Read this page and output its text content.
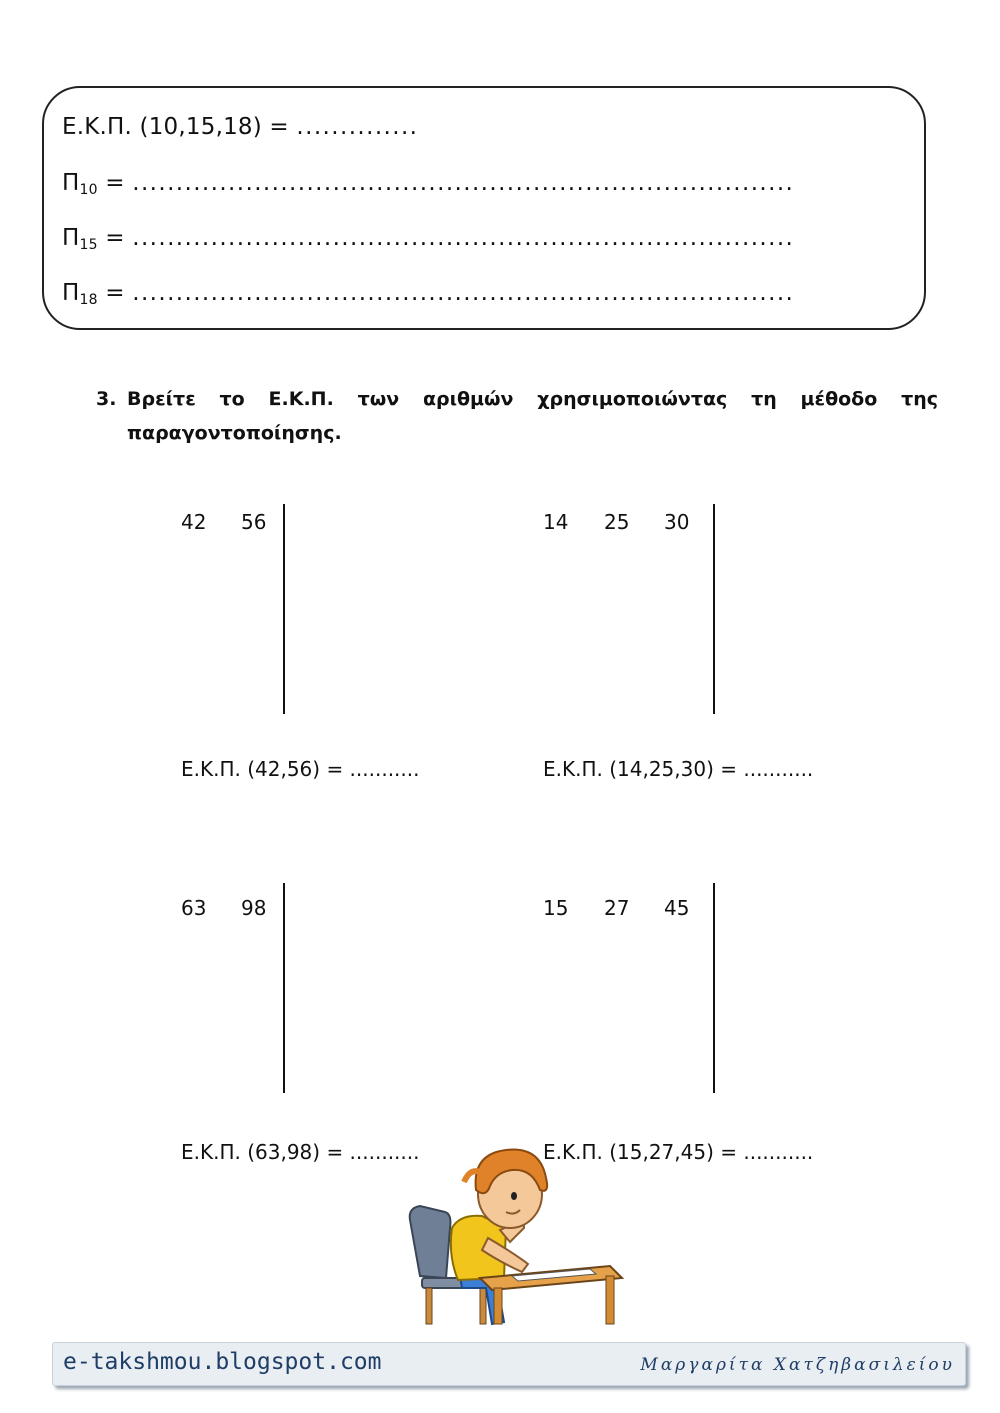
Ε.Κ.Π. (10,15,18) = ..............
$\Pi_{10}$ = ............................................................................
$\Pi_{15}$ = ............................................................................
$\Pi_{18}$ = ............................................................................
3. Βρείτε το Ε.Κ.Π. των αριθμών χρησιμοποιώντας τη μέθοδο της παραγοντοποίησης.
42 56
Ε.Κ.Π. (42,56) = ...........
14 25 30
Ε.Κ.Π. (14,25,30) = ...........
63 98
Ε.Κ.Π. (63,98) = ...........
15 27 45
Ε.Κ.Π. (15,27,45) = ...........
e-takshmou.blogspot.com	Μαργαρίτα Χατζηβασιλείου
